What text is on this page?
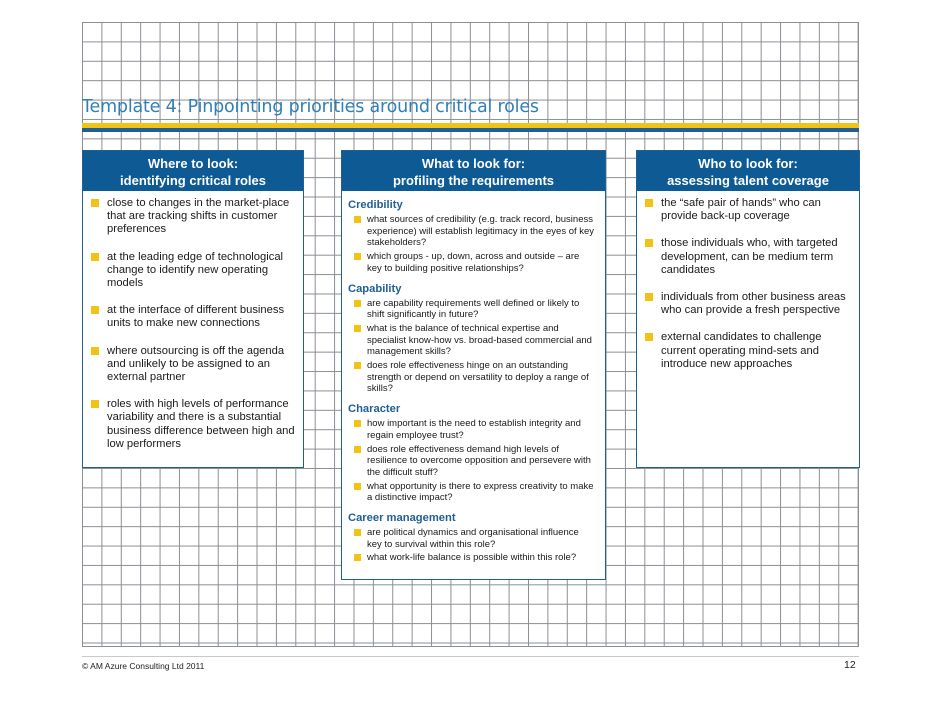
Template 4: Pinpointing priorities around critical roles
Where to look:
identifying critical roles
close to changes in the market-place that are tracking shifts in customer preferences
at the leading edge of technological change to identify new operating models
at the interface of different business units to make new connections
where outsourcing is off the agenda and unlikely to be assigned to an external partner
roles with high levels of performance variability and there is a substantial business difference between high and low performers
What to look for:
profiling the requirements
Credibility
what sources of credibility (e.g. track record, business experience) will establish legitimacy in the eyes of key stakeholders?
which groups - up, down, across and outside – are key to building positive relationships?
Capability
are capability requirements well defined or likely to shift significantly in future?
what is the balance of technical expertise and specialist know-how vs. broad-based commercial and management skills?
does role effectiveness hinge on an outstanding strength or depend on versatility to deploy a range of skills?
Character
how important is the need to establish integrity and regain employee trust?
does role effectiveness demand high levels of resilience to overcome opposition and persevere with the difficult stuff?
what opportunity is there to express creativity to make a distinctive impact?
Career management
are political dynamics and organisational influence key to survival within this role?
what work-life balance is possible within this role?
Who to look for:
assessing talent coverage
the “safe pair of hands” who can provide back-up coverage
those individuals who, with targeted development, can be medium term candidates
individuals from other business areas who can provide a fresh perspective
external candidates to challenge current operating mind-sets and introduce new approaches
© AM Azure Consulting Ltd 2011	12
